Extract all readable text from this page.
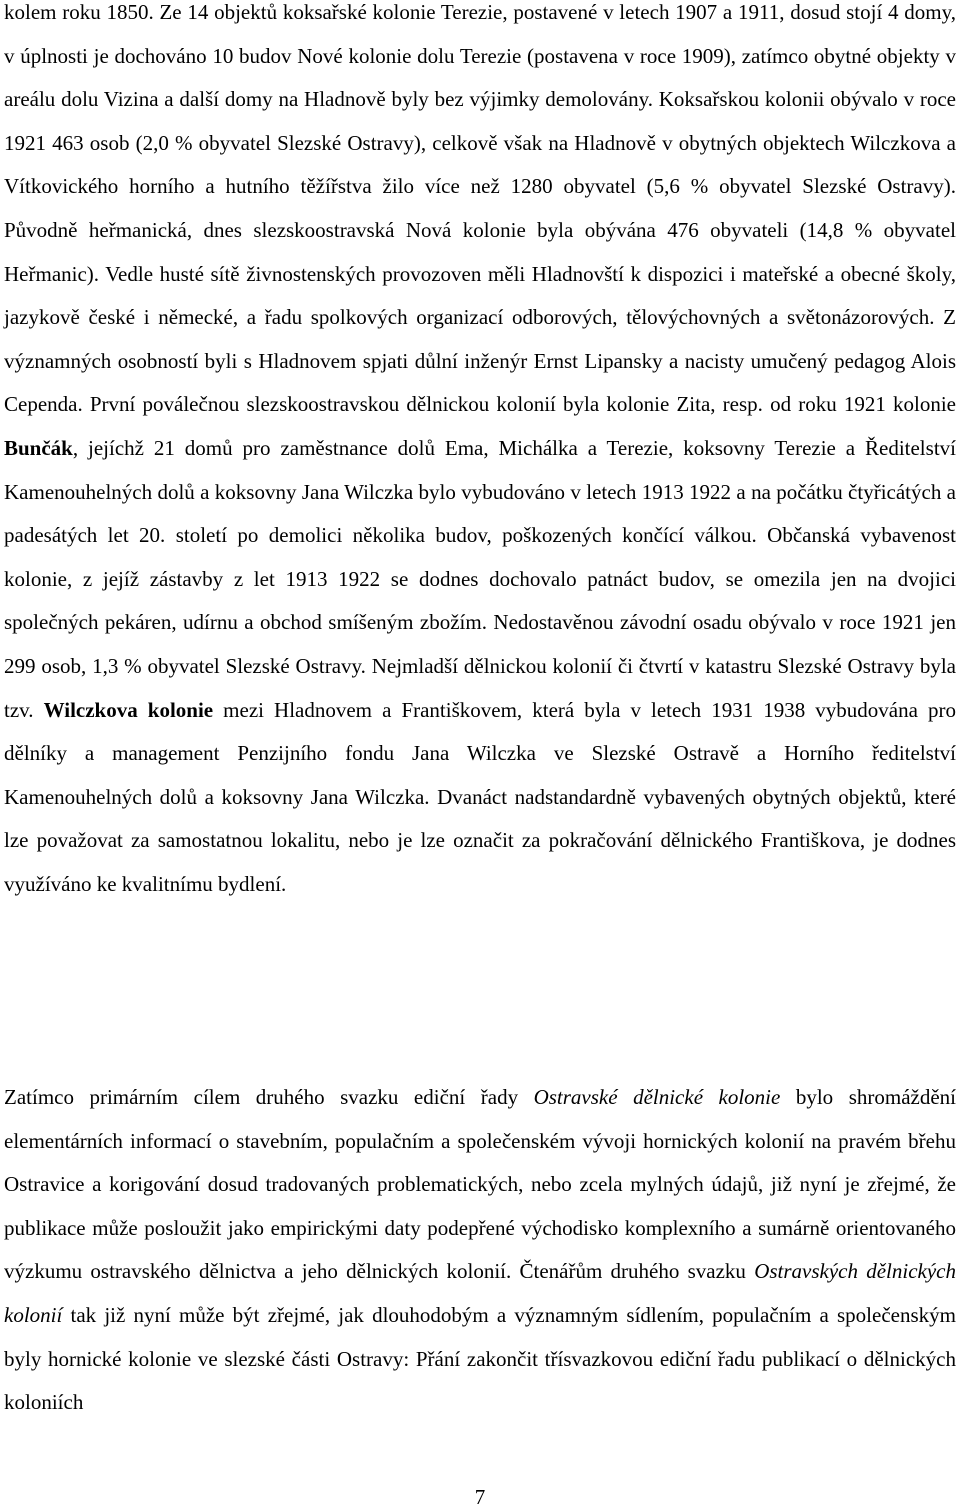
kolem roku 1850. Ze 14 objektů koksařské kolonie Terezie, postavené v letech 1907 a 1911, dosud stojí 4 domy, v úplnosti je dochováno 10 budov Nové kolonie dolu Terezie (postavena v roce 1909), zatímco obytné objekty v areálu dolu Vizina a další domy na Hladnově byly bez výjimky demolovány. Koksařskou kolonii obývalo v roce 1921 463 osob (2,0 % obyvatel Slezské Ostravy), celkově však na Hladnově v obytných objektech Wilczkova a Vítkovického horního a hutního těžířstva žilo více než 1280 obyvatel (5,6 % obyvatel Slezské Ostravy). Původně heřmanická, dnes slezskoostravská Nová kolonie byla obývána 476 obyvateli (14,8 % obyvatel Heřmanic). Vedle husté sítě živnostenských provozoven měli Hladnovští k dispozici i mateřské a obecné školy, jazykově české i německé, a řadu spolkových organizací odborových, tělovýchovných a světonázorových. Z významných osobností byli s Hladnovem spjati důlní inženýr Ernst Lipansky a nacisty umučený pedagog Alois Cependa. První poválečnou slezskoostravskou dělnickou kolonií byla kolonie Zita, resp. od roku 1921 kolonie Bunčák, jejíchž 21 domů pro zaměstnance dolů Ema, Michálka a Terezie, koksovny Terezie a Ředitelství Kamenouhelných dolů a koksovny Jana Wilczka bylo vybudováno v letech 1913 1922 a na počátku čtyřicátých a padesátých let 20. století po demolici několika budov, poškozených končící válkou. Občanská vybavenost kolonie, z jejíž zástavby z let 1913 1922 se dodnes dochovalo patnáct budov, se omezila jen na dvojici společných pekáren, udírnu a obchod smíšeným zbožím. Nedostavěnou závodní osadu obývalo v roce 1921 jen 299 osob, 1,3 % obyvatel Slezské Ostravy. Nejmladší dělnickou kolonií či čtvrtí v katastru Slezské Ostravy byla tzv. Wilczkova kolonie mezi Hladnovem a Františkovem, která byla v letech 1931 1938 vybudována pro dělníky a management Penzijního fondu Jana Wilczka ve Slezské Ostravě a Horního ředitelství Kamenouhelných dolů a koksovny Jana Wilczka. Dvanáct nadstandardně vybavených obytných objektů, které lze považovat za samostatnou lokalitu, nebo je lze označit za pokračování dělnického Františkova, je dodnes využíváno ke kvalitnímu bydlení.

Zatímco primárním cílem druhého svazku ediční řady Ostravské dělnické kolonie bylo shromáždění elementárních informací o stavebním, populačním a společenském vývoji hornických kolonií na pravém břehu Ostravice a korigování dosud tradovaných problematických, nebo zcela mylných údajů, již nyní je zřejmé, že publikace může posloužit jako empirickými daty podepřené východisko komplexního a sumárně orientovaného výzkumu ostravského dělnictva a jeho dělnických kolonií. Čtenářům druhého svazku Ostravských dělnických kolonií tak již nyní může být zřejmé, jak dlouhodobým a významným sídlením, populačním a společenským byly hornické kolonie ve slezské části Ostravy: Přání zakončit třísvazkovou ediční řadu publikací o dělnických koloniích

7
